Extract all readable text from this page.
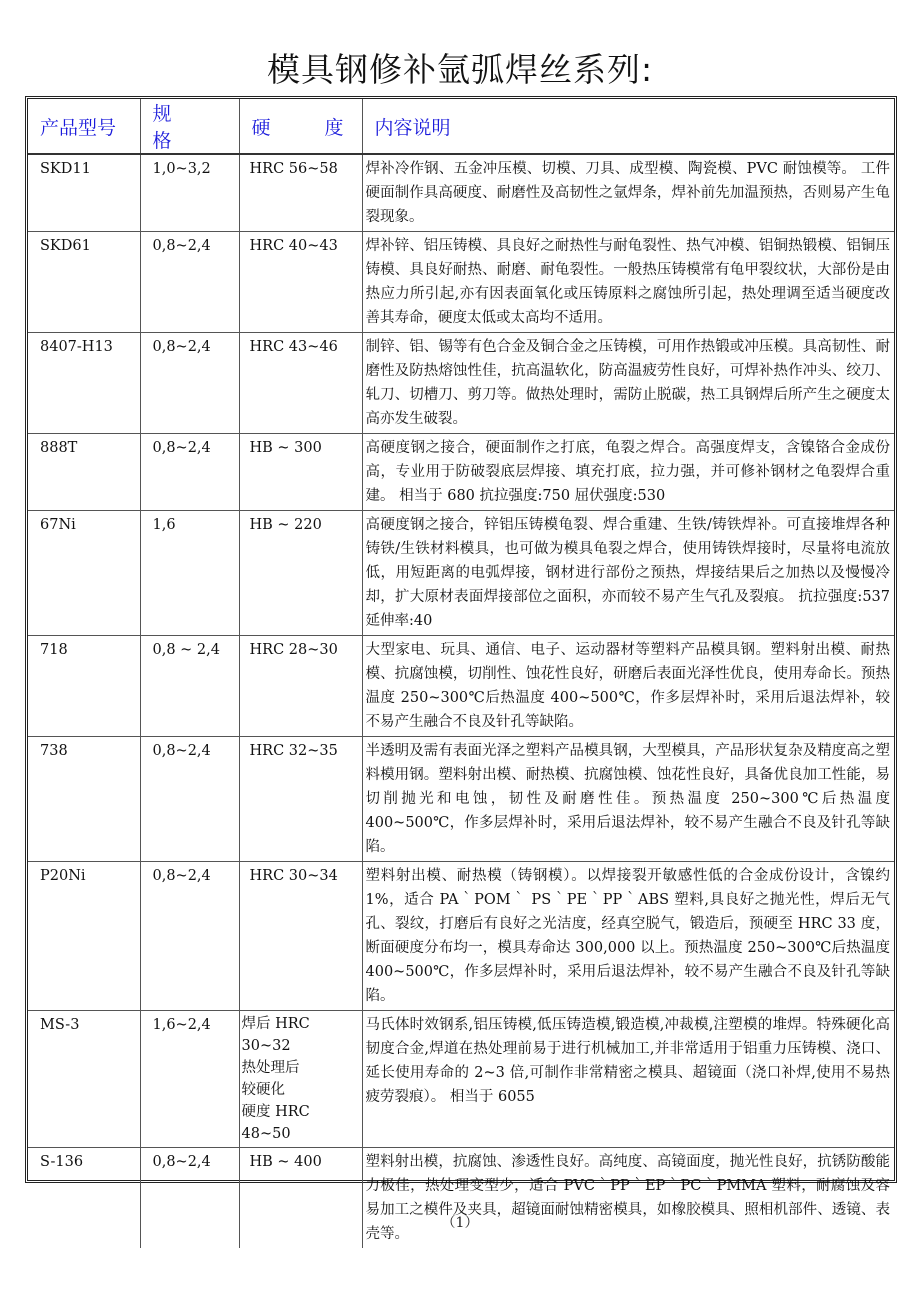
模具钢修补氩弧焊丝系列:
产品型号	规 格	硬 度	内容说明
SKD11	1,0~3,2	HRC 56~58	焊补冷作钢、五金冲压模、切模、刀具、成型模、陶瓷模、PVC 耐蚀模等。 工件硬面制作具高硬度、耐磨性及高韧性之氩焊条，焊补前先加温预热，否则易产生龟裂现象。
SKD61	0,8~2,4	HRC 40~43	焊补锌、铝压铸模、具良好之耐热性与耐龟裂性、热气冲模、铝铜热锻模、铝铜压铸模、具良好耐热、耐磨、耐龟裂性。一般热压铸模常有龟甲裂纹状，大部份是由热应力所引起,亦有因表面氧化或压铸原料之腐蚀所引起，热处理调至适当硬度改善其寿命，硬度太低或太高均不适用。
8407-H13	0,8~2,4	HRC 43~46	制锌、铝、锡等有色合金及铜合金之压铸模，可用作热锻或冲压模。具高韧性、耐磨性及防热熔蚀性佳，抗高温软化，防高温疲劳性良好，可焊补热作冲头、绞刀、轧刀、切槽刀、剪刀等。做热处理时，需防止脱碳，热工具钢焊后所产生之硬度太高亦发生破裂。
888T	0,8~2,4	HB ~ 300	高硬度钢之接合，硬面制作之打底，龟裂之焊合。高强度焊支，含镍铬合金成份高，专业用于防破裂底层焊接、填充打底，拉力强，并可修补钢材之龟裂焊合重建。 相当于 680 抗拉强度:750 屈伏强度:530
67Ni	1,6	HB ~ 220	高硬度钢之接合，锌铝压铸模龟裂、焊合重建、生铁/铸铁焊补。可直接堆焊各种铸铁/生铁材料模具，也可做为模具龟裂之焊合，使用铸铁焊接时，尽量将电流放低，用短距离的电弧焊接，钢材进行部份之预热，焊接结果后之加热以及慢慢冷却，扩大原材表面焊接部位之面积，亦而较不易产生气孔及裂痕。 抗拉强度:537 延伸率:40
718	0,8 ~ 2,4	HRC 28~30	大型家电、玩具、通信、电子、运动器材等塑料产品模具钢。塑料射出模、耐热模、抗腐蚀模，切削性、蚀花性良好，研磨后表面光泽性优良，使用寿命长。预热温度 250~300℃后热温度 400~500℃，作多层焊补时，采用后退法焊补，较不易产生融合不良及针孔等缺陷。
738	0,8~2,4	HRC 32~35	半透明及需有表面光泽之塑料产品模具钢，大型模具，产品形状复杂及精度高之塑料模用钢。塑料射出模、耐热模、抗腐蚀模、蚀花性良好，具备优良加工性能，易切削抛光和电蚀，韧性及耐磨性佳。预热温度 250~300℃后热温度 400~500℃，作多层焊补时，采用后退法焊补，较不易产生融合不良及针孔等缺陷。
P20Ni	0,8~2,4	HRC 30~34	塑料射出模、耐热模（铸钢模）。以焊接裂开敏感性低的合金成份设计，含镍约 1%，适合 PA｀POM｀ PS｀PE｀PP｀ABS 塑料,具良好之抛光性，焊后无气孔、裂纹，打磨后有良好之光洁度，经真空脱气，锻造后，预硬至 HRC 33 度，断面硬度分布均一，模具寿命达 300,000 以上。预热温度 250~300℃后热温度 400~500℃，作多层焊补时，采用后退法焊补，较不易产生融合不良及针孔等缺陷。
MS-3	1,6~2,4	焊后 HRC 30~32
热处理后
较硬化
硬度 HRC 48~50	马氏体时效钢系,铝压铸模,低压铸造模,锻造模,冲裁模,注塑模的堆焊。特殊硬化高韧度合金,焊道在热处理前易于进行机械加工,并非常适用于铝重力压铸模、浇口、延长使用寿命的 2~3 倍,可制作非常精密之模具、超镜面（浇口补焊,使用不易热疲劳裂痕）。 相当于 6055
S-136	0,8~2,4	HB ~ 400	塑料射出模，抗腐蚀、渗透性良好。高纯度、高镜面度，抛光性良好，抗锈防酸能力极佳，热处理变型少，适合 PVC｀PP｀EP｀PC｀PMMA 塑料，耐腐蚀及容易加工之模件及夹具，超镜面耐蚀精密模具，如橡胶模具、照相机部件、透镜、表壳等。
（1）
